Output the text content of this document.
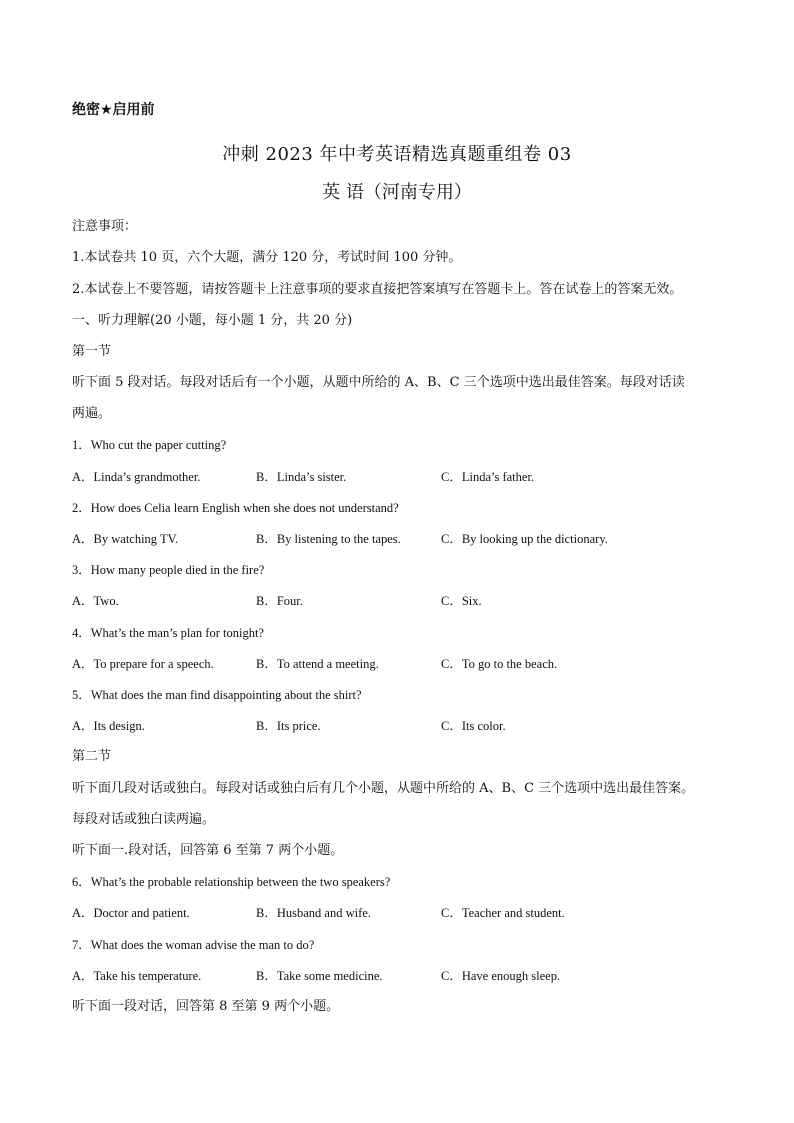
绝密★启用前
冲刺 2023 年中考英语精选真题重组卷 03
英 语（河南专用）
注意事项：
1.本试卷共 10 页，六个大题，满分 120 分，考试时间 100 分钟。
2.本试卷上不要答题，请按答题卡上注意事项的要求直接把答案填写在答题卡上。答在试卷上的答案无效。
一、听力理解(20 小题，每小题 1 分，共 20 分)
第一节
听下面 5 段对话。每段对话后有一个小题，从题中所给的 A、B、C 三个选项中选出最佳答案。每段对话读
两遍。
1．Who cut the paper cutting?
A．Linda’s grandmother.	B．Linda’s sister.	C．Linda’s father.
2．How does Celia learn English when she does not understand?
A．By watching TV.	B．By listening to the tapes.	C．By looking up the dictionary.
3．How many people died in the fire?
A．Two.	B．Four.	C．Six.
4．What’s the man’s plan for tonight?
A．To prepare for a speech.	B．To attend a meeting.	C．To go to the beach.
5．What does the man find disappointing about the shirt?
A．Its design.	B．Its price.	C．Its color.
第二节
听下面几段对话或独白。每段对话或独白后有几个小题，从题中所给的 A、B、C 三个选项中选出最佳答案。
每段对话或独白读两遍。
听下面一.段对话，回答第 6 至第 7 两个小题。
6．What’s the probable relationship between the two speakers?
A．Doctor and patient.	B．Husband and wife.	C．Teacher and student.
7．What does the woman advise the man to do?
A．Take his temperature.	B．Take some medicine.	C．Have enough sleep.
听下面一段对话，回答第 8 至第 9 两个小题。
